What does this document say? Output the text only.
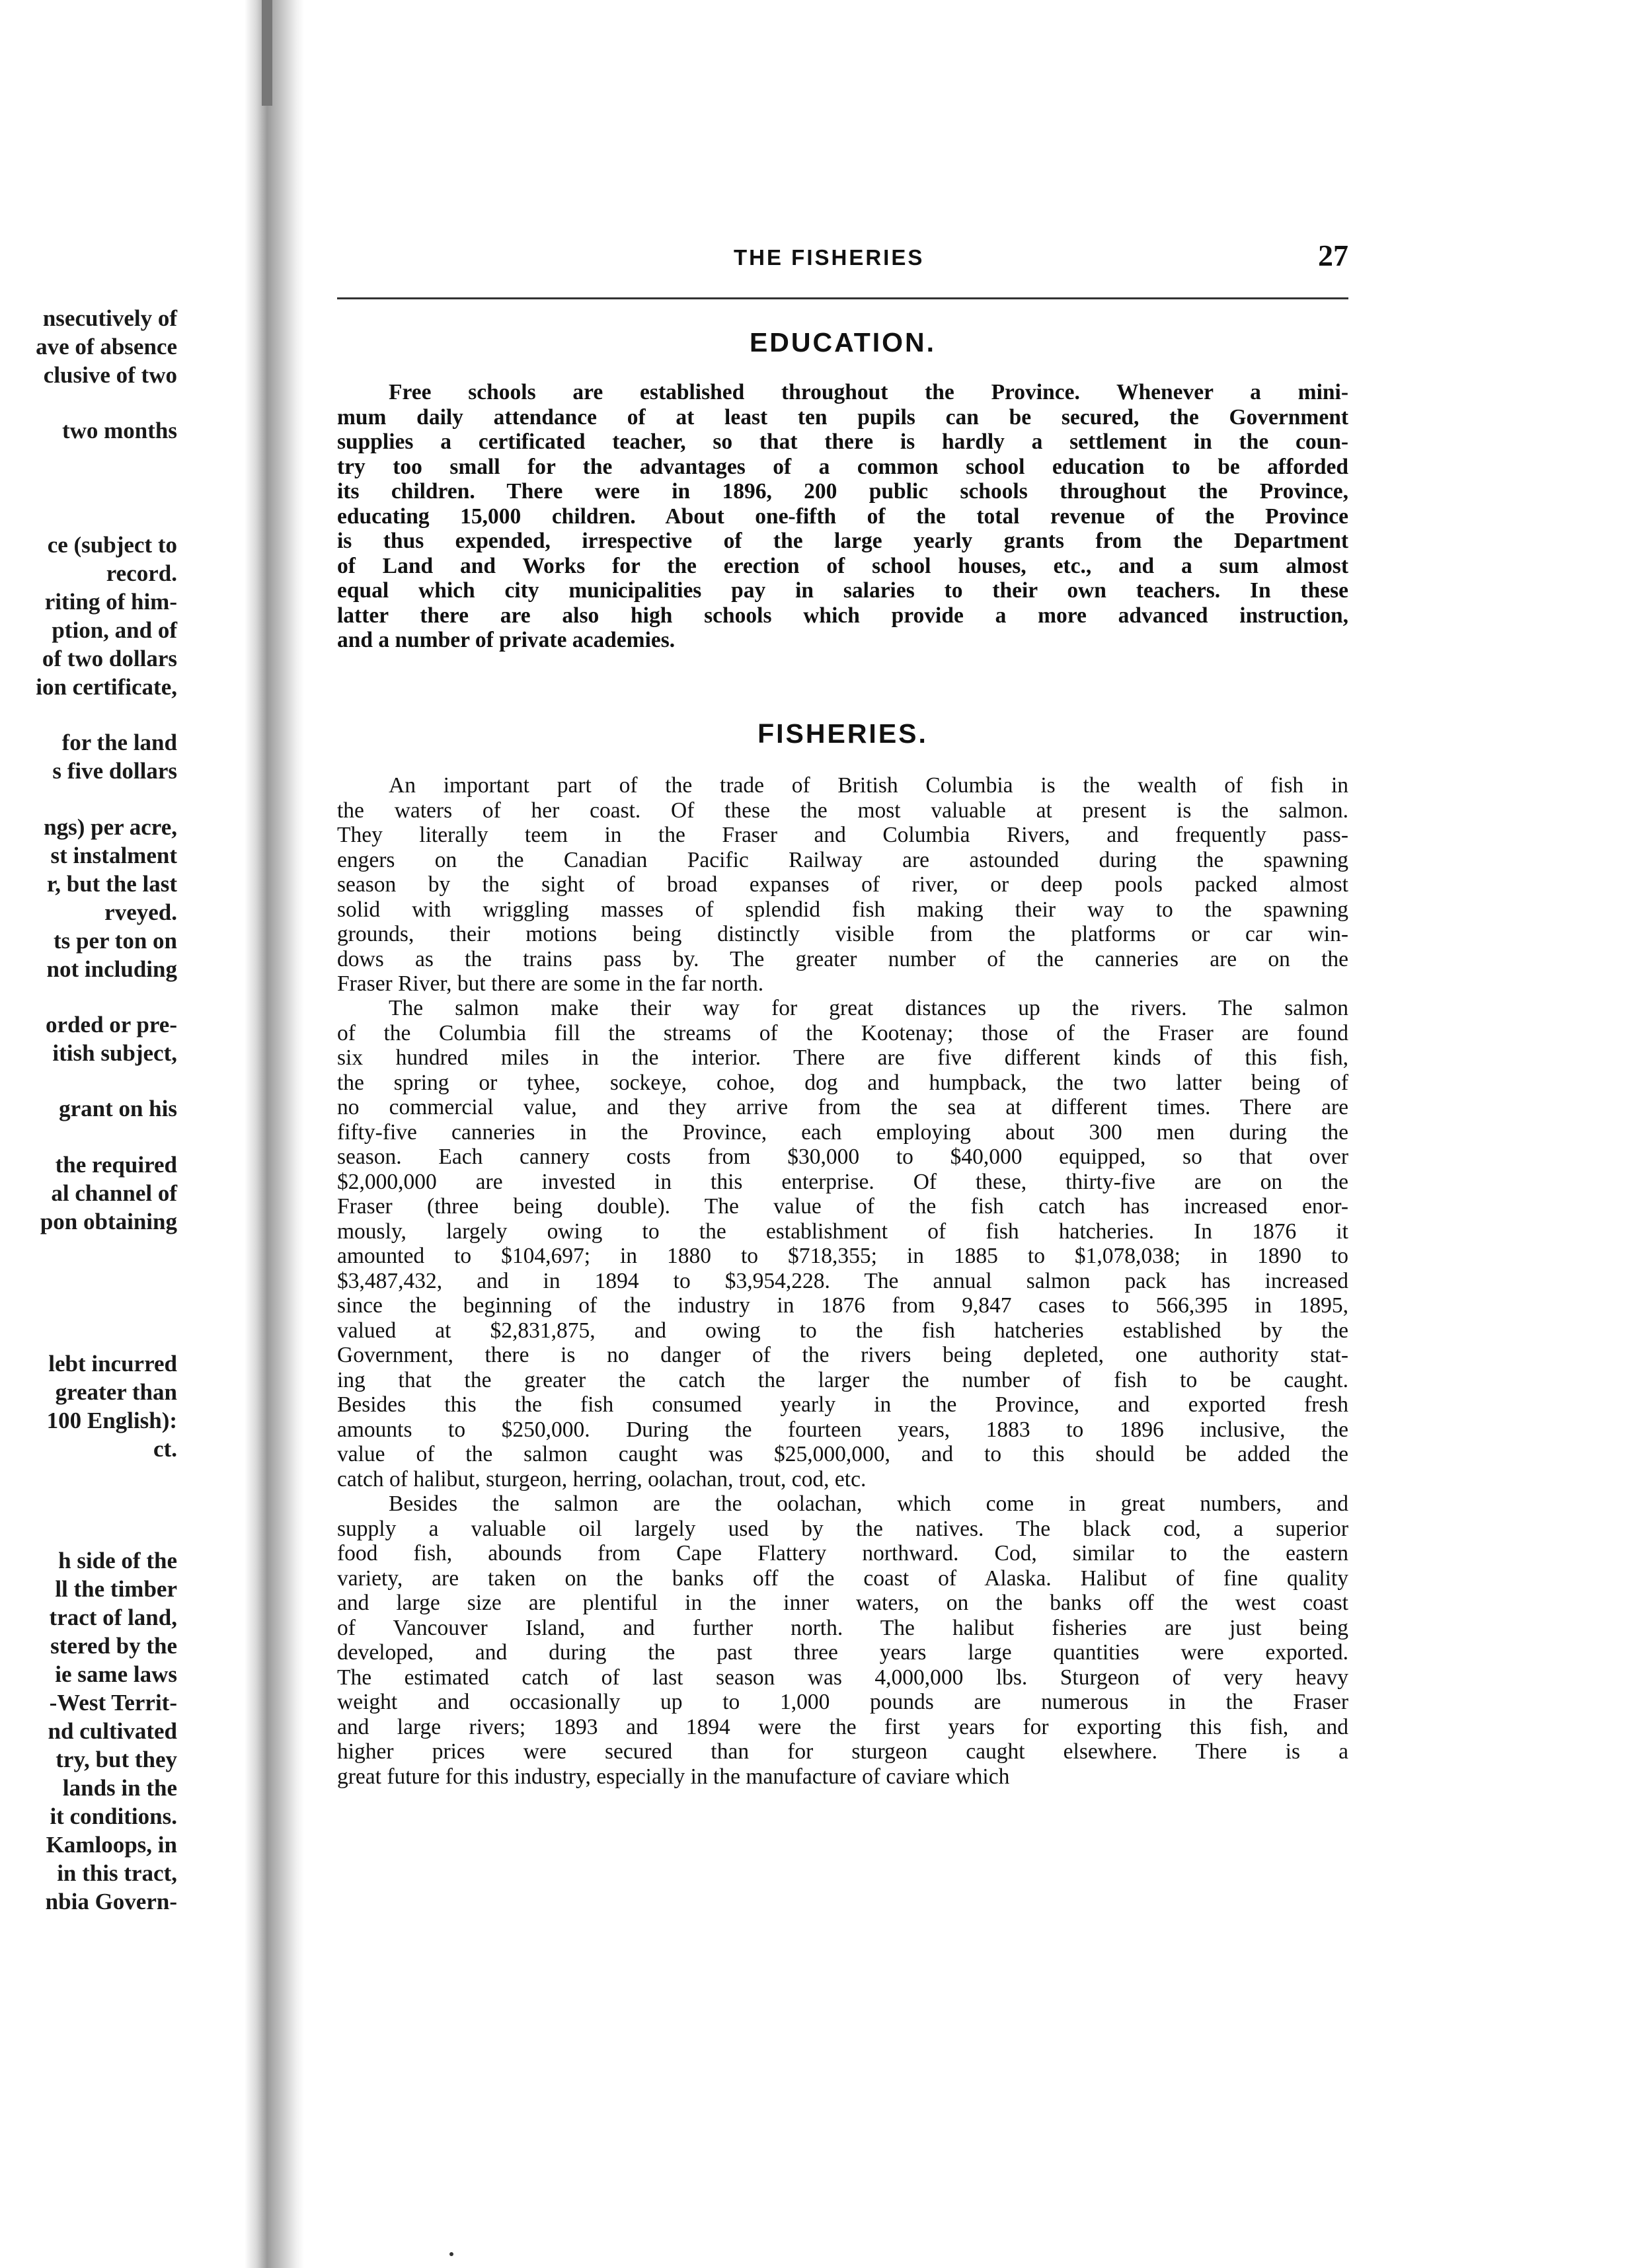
nsecutively of
ave of absence
clusive of two
two months
ce (subject to
record.
riting of him-
ption, and of
of two dollars
ion certificate,
for the land
s five dollars
ngs) per acre,
st instalment
r, but the last
rveyed.
ts per ton on
not including
orded or pre-
itish subject,
grant on his
the required
al channel of
pon obtaining
lebt incurred
greater than
100 English):
ct.
h side of the
ll the timber
tract of land,
stered by the
ie same laws
-West Territ-
nd cultivated
try, but they
lands in the
it conditions.
Kamloops, in
in this tract,
nbia Govern-
THE FISHERIES	27
EDUCATION.
Free schools are established throughout the Province. Whenever a mini-
mum daily attendance of at least ten pupils can be secured, the Government
supplies a certificated teacher, so that there is hardly a settlement in the coun-
try too small for the advantages of a common school education to be afforded
its children. There were in 1896, 200 public schools throughout the Province,
educating 15,000 children. About one-fifth of the total revenue of the Province
is thus expended, irrespective of the large yearly grants from the Department
of Land and Works for the erection of school houses, etc., and a sum almost
equal which city municipalities pay in salaries to their own teachers. In these
latter there are also high schools which provide a more advanced instruction,
and a number of private academies.
FISHERIES.
An important part of the trade of British Columbia is the wealth of fish in
the waters of her coast. Of these the most valuable at present is the salmon.
They literally teem in the Fraser and Columbia Rivers, and frequently pass-
engers on the Canadian Pacific Railway are astounded during the spawning
season by the sight of broad expanses of river, or deep pools packed almost
solid with wriggling masses of splendid fish making their way to the spawning
grounds, their motions being distinctly visible from the platforms or car win-
dows as the trains pass by. The greater number of the canneries are on the
Fraser River, but there are some in the far north.
The salmon make their way for great distances up the rivers. The salmon
of the Columbia fill the streams of the Kootenay; those of the Fraser are found
six hundred miles in the interior. There are five different kinds of this fish,
the spring or tyhee, sockeye, cohoe, dog and humpback, the two latter being of
no commercial value, and they arrive from the sea at different times. There are
fifty-five canneries in the Province, each employing about 300 men during the
season. Each cannery costs from $30,000 to $40,000 equipped, so that over
$2,000,000 are invested in this enterprise. Of these, thirty-five are on the
Fraser (three being double). The value of the fish catch has increased enor-
mously, largely owing to the establishment of fish hatcheries. In 1876 it
amounted to $104,697; in 1880 to $718,355; in 1885 to $1,078,038; in 1890 to
$3,487,432, and in 1894 to $3,954,228. The annual salmon pack has increased
since the beginning of the industry in 1876 from 9,847 cases to 566,395 in 1895,
valued at $2,831,875, and owing to the fish hatcheries established by the
Government, there is no danger of the rivers being depleted, one authority stat-
ing that the greater the catch the larger the number of fish to be caught.
Besides this the fish consumed yearly in the Province, and exported fresh
amounts to $250,000. During the fourteen years, 1883 to 1896 inclusive, the
value of the salmon caught was $25,000,000, and to this should be added the
catch of halibut, sturgeon, herring, oolachan, trout, cod, etc.
Besides the salmon are the oolachan, which come in great numbers, and
supply a valuable oil largely used by the natives. The black cod, a superior
food fish, abounds from Cape Flattery northward. Cod, similar to the eastern
variety, are taken on the banks off the coast of Alaska. Halibut of fine quality
and large size are plentiful in the inner waters, on the banks off the west coast
of Vancouver Island, and further north. The halibut fisheries are just being
developed, and during the past three years large quantities were exported.
The estimated catch of last season was 4,000,000 lbs. Sturgeon of very heavy
weight and occasionally up to 1,000 pounds are numerous in the Fraser
and large rivers; 1893 and 1894 were the first years for exporting this fish, and
higher prices were secured than for sturgeon caught elsewhere. There is a
great future for this industry, especially in the manufacture of caviare which
